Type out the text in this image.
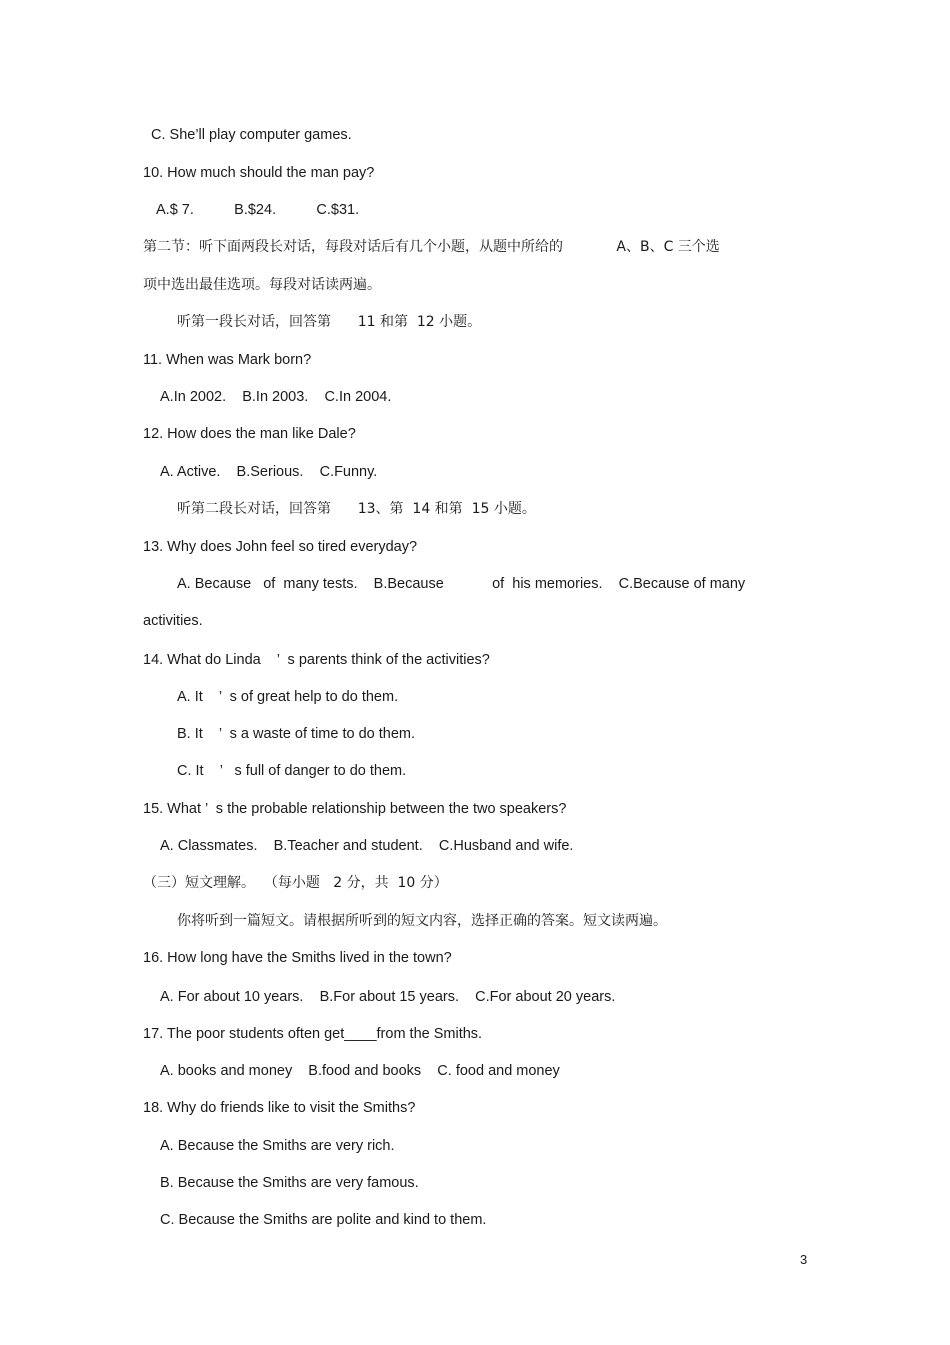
C. She’ll play computer games.
10. How much should the man pay?
A.$ 7.          B.$24.          C.$31.
第二节：听下面两段长对话，每段对话后有几个小题，从题中所给的            A、B、C 三个选
项中选出最佳选项。每段对话读两遍。
听第一段长对话，回答第      11 和第  12 小题。
11. When was Mark born?
A.In 2002.    B.In 2003.    C.In 2004.
12. How does the man like Dale?
A. Active.    B.Serious.    C.Funny.
听第二段长对话，回答第      13、第  14 和第  15 小题。
13. Why does John feel so tired everyday?
A. Because   of  many tests.    B.Because            of  his memories.    C.Because of many
activities.
14. What do Linda    ’  s parents think of the activities?
A. It    ’  s of great help to do them.
B. It    ’  s a waste of time to do them.
C. It    ’   s full of danger to do them.
15. What ’  s the probable relationship between the two speakers?
A. Classmates.    B.Teacher and student.    C.Husband and wife.
（三）短文理解。  （每小题   2 分，共  10 分）
你将听到一篇短文。请根据所听到的短文内容，选择正确的答案。短文读两遍。
16. How long have the Smiths lived in the town?
A. For about 10 years.    B.For about 15 years.    C.For about 20 years.
17. The poor students often get____from the Smiths.
A. books and money    B.food and books    C. food and money
18. Why do friends like to visit the Smiths?
A. Because the Smiths are very rich.
B. Because the Smiths are very famous.
C. Because the Smiths are polite and kind to them.
3
